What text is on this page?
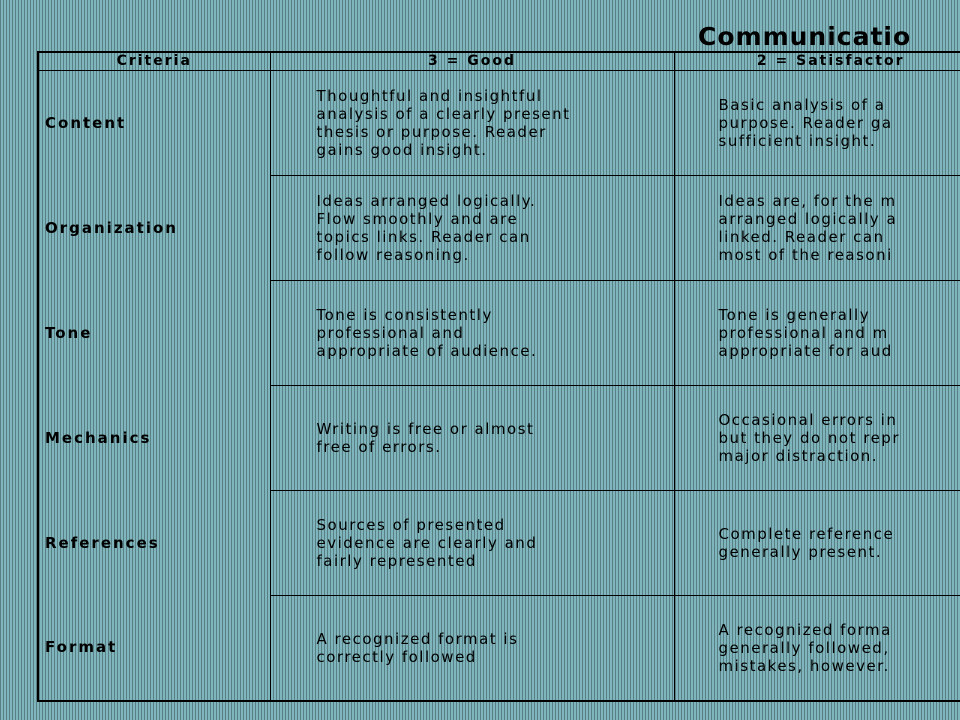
Communicatio
Criteria	3 = Good	2 = Satisfactor
Content	Thoughtful and insightful
analysis of a clearly present
thesis or purpose. Reader
gains good insight.	Basic analysis of a
purpose. Reader ga
sufficient insight.
Organization	Ideas arranged logically.
Flow smoothly and are
topics links. Reader can
follow reasoning.	Ideas are, for the m
arranged logically a
linked. Reader can
most of the reasoni
Tone	Tone is consistently
professional and
appropriate of audience.	Tone is generally
professional and m
appropriate for aud
Mechanics	Writing is free or almost
free of errors.	Occasional errors in
but they do not repr
major distraction.
References	Sources of presented
evidence are clearly and
fairly represented	Complete reference
generally present.
Format	A recognized format is
correctly followed	A recognized forma
generally followed,
mistakes, however.
